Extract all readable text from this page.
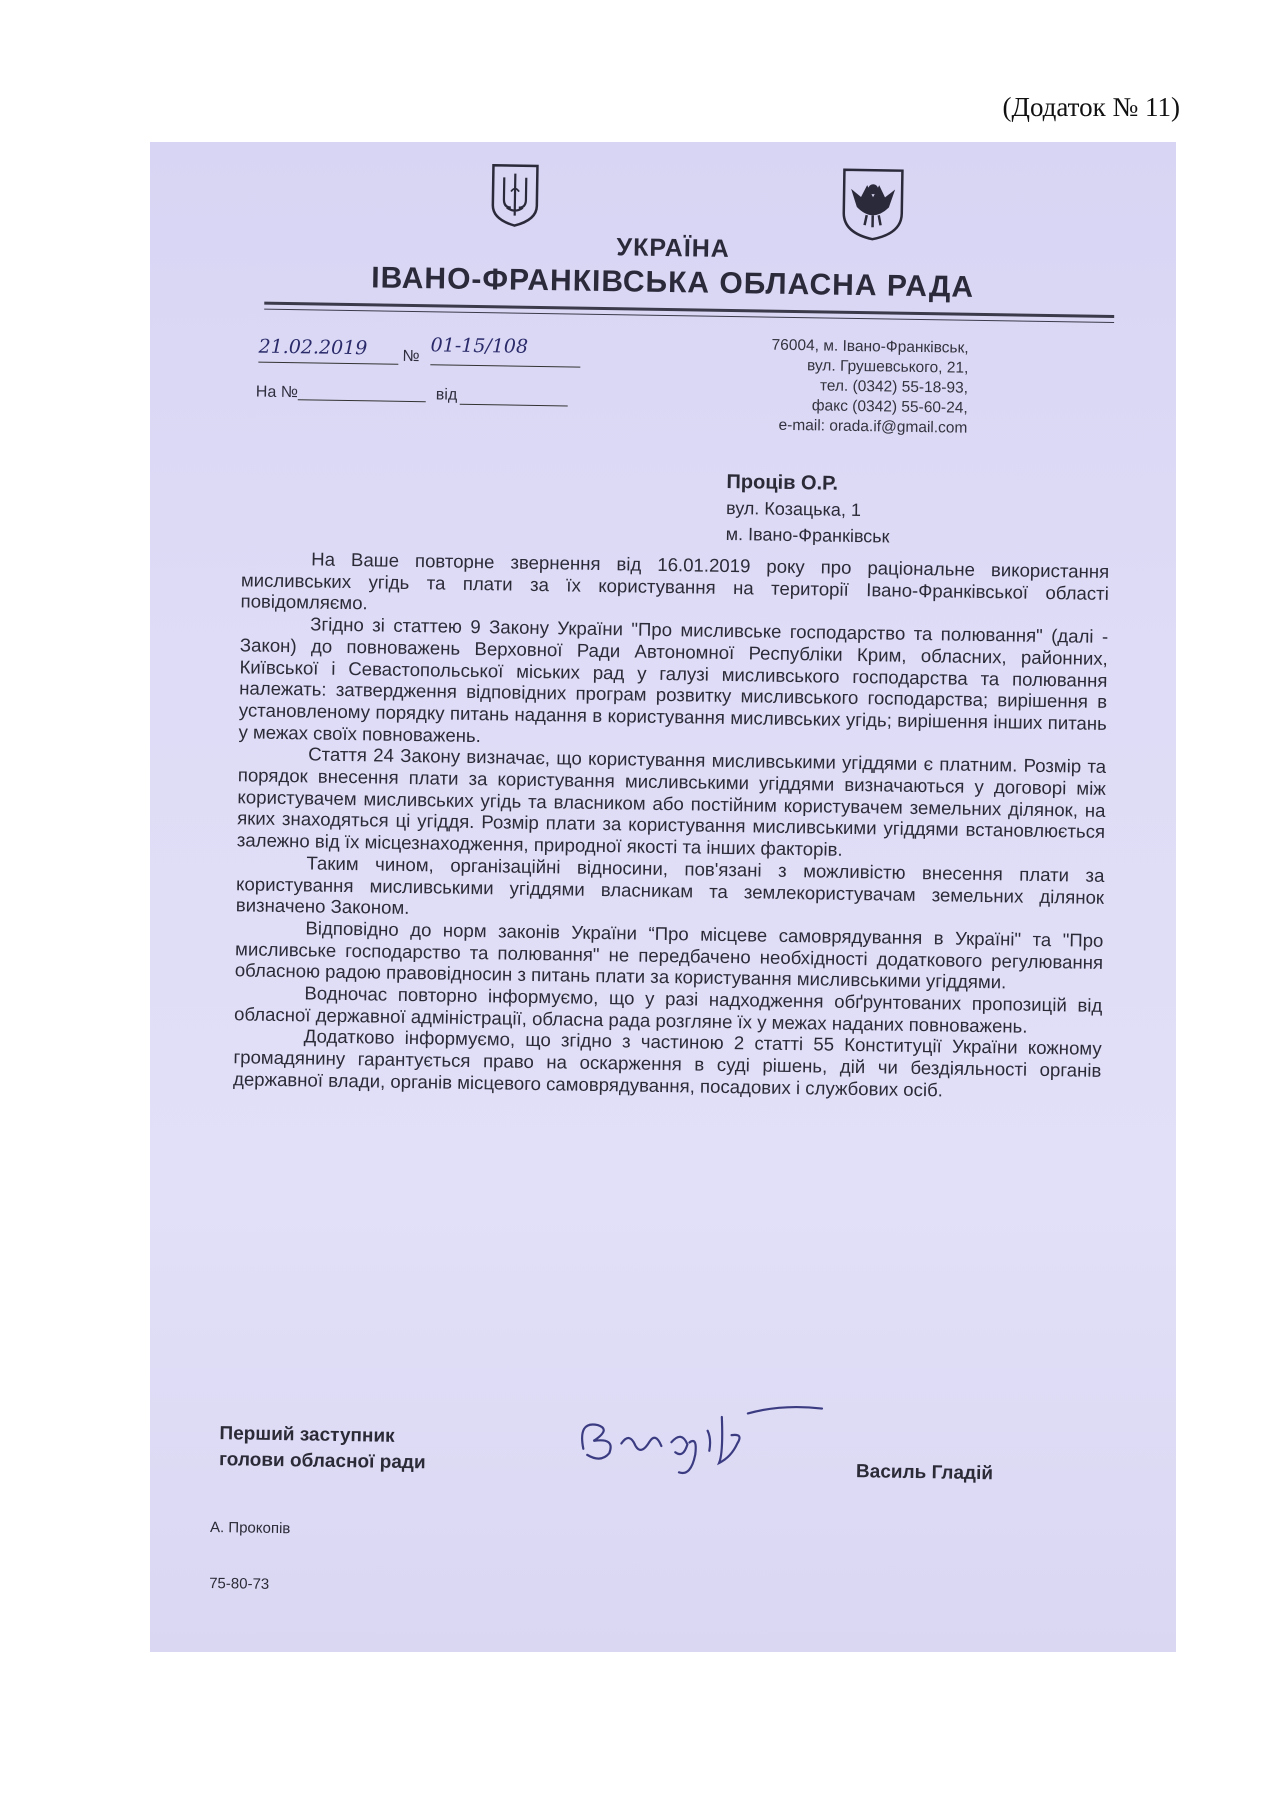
(Додаток № 11)
УКРАЇНА
ІВАНО-ФРАНКІВСЬКА ОБЛАСНА РАДА
21.02.2019	№ 01-15/108
На №	від
76004, м. Івано-Франківськ,
вул. Грушевського, 21,
тел. (0342) 55-18-93,
факс (0342) 55-60-24,
e-mail: orada.if@gmail.com
Проців О.Р.
вул. Козацька, 1
м. Івано-Франківськ

На Ваше повторне звернення від 16.01.2019 року про раціональне використання мисливських угідь та плати за їх користування на території Івано-Франківської області повідомляємо.

Згідно зі статтею 9 Закону України "Про мисливське господарство та полювання" (далі - Закон) до повноважень Верховної Ради Автономної Республіки Крим, обласних, районних, Київської і Севастопольської міських рад у галузі мисливського господарства та полювання належать: затвердження відповідних програм розвитку мисливського господарства; вирішення в установленому порядку питань надання в користування мисливських угідь; вирішення інших питань у межах своїх повноважень.

Стаття 24 Закону визначає, що користування мисливськими угіддями є платним. Розмір та порядок внесення плати за користування мисливськими угіддями визначаються у договорі між користувачем мисливських угідь та власником або постійним користувачем земельних ділянок, на яких знаходяться ці угіддя. Розмір плати за користування мисливськими угіддями встановлюється залежно від їх місцезнаходження, природної якості та інших факторів.

Таким чином, організаційні відносини, пов'язані з можливістю внесення плати за користування мисливськими угіддями власникам та землекористувачам земельних ділянок визначено Законом.

Відповідно до норм законів України “Про місцеве самоврядування в Україні" та "Про мисливське господарство та полювання" не передбачено необхідності додаткового регулювання обласною радою правовідносин з питань плати за користування мисливськими угіддями.

Водночас повторно інформуємо, що у разі надходження обґрунтованих пропозицій від обласної державної адміністрації, обласна рада розгляне їх у межах наданих повноважень.

Додатково інформуємо, що згідно з частиною 2 статті 55 Конституції України кожному громадянину гарантується право на оскарження в суді рішень, дій чи бездіяльності органів державної влади, органів місцевого самоврядування, посадових і службових осіб.

Перший заступник
голови обласної ради	Василь Гладій
А. Прокопів
75-80-73
